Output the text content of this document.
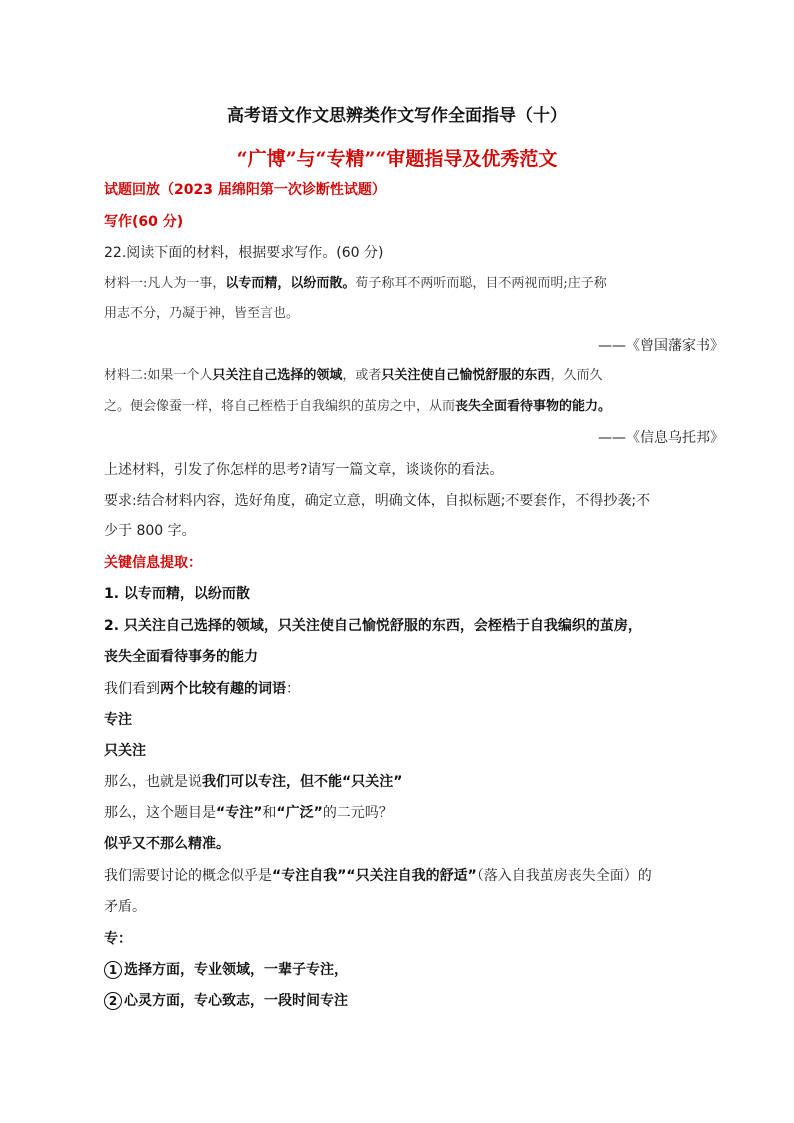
高考语文作文思辨类作文写作全面指导（十）
“广博”与“专精”“审题指导及优秀范文
试题回放（2023 届绵阳第一次诊断性试题）
写作(60 分)
22.阅读下面的材料，根据要求写作。(60 分)
材料一:凡人为一事，以专而精，以纷而散。荀子称耳不两听而聪，目不两视而明;庄子称
用志不分，乃凝于神，皆至言也。
——《曾国藩家书》
材料二:如果一个人只关注自己选择的领域，或者只关注使自己愉悦舒服的东西，久而久
之。便会像蚕一样，将自己桎梏于自我编织的茧房之中，从而丧失全面看待事物的能力。
——《信息乌托邦》
上述材料，引发了你怎样的思考?请写一篇文章，谈谈你的看法。
要求:结合材料内容，选好角度，确定立意，明确文体，自拟标题;不要套作，不得抄袭;不
少于 800 字。
关键信息提取：
1. 以专而精，以纷而散
2. 只关注自己选择的领域，只关注使自己愉悦舒服的东西，会桎梏于自我编织的茧房，
丧失全面看待事务的能力
我们看到两个比较有趣的词语：
专注
只关注
那么，也就是说我们可以专注，但不能“只关注”
那么，这个题目是“专注”和“广泛”的二元吗？
似乎又不那么精准。
我们需要讨论的概念似乎是“专注自我”“只关注自我的舒适”（落入自我茧房丧失全面）的
矛盾。
专：
1 选择方面，专业领域，一辈子专注，
2 心灵方面，专心致志，一段时间专注
